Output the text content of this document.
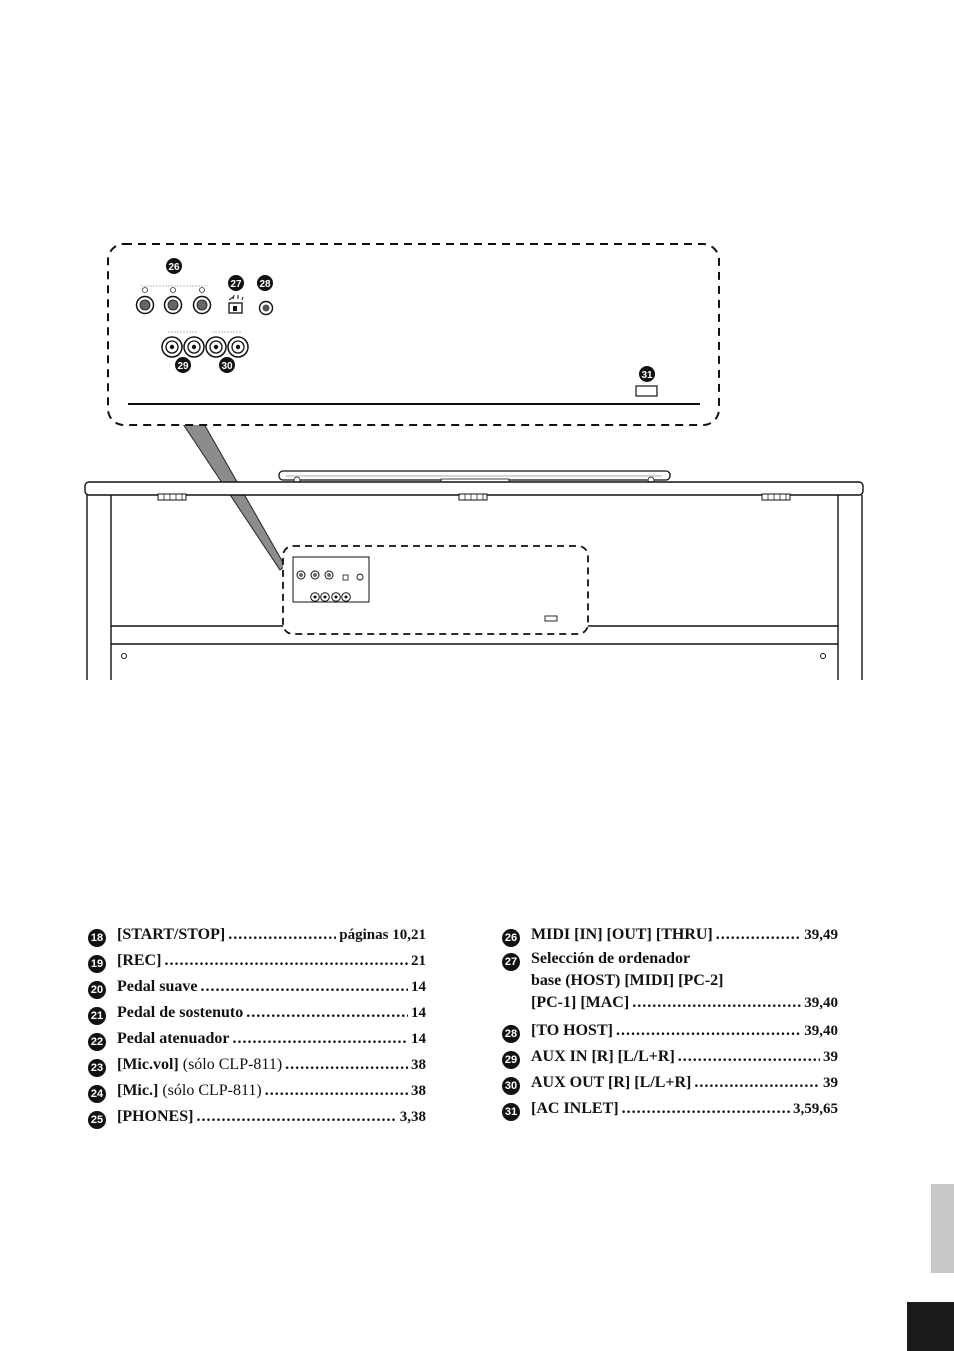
26
27 28
29	30
31
18 [START/STOP] .....	páginas 10,21
19 [REC] .....	21
20 Pedal suave .....	14
21 Pedal de sostenuto .....	14
22 Pedal atenuador .....	14
23 [Mic.vol] (sólo CLP-811) .....	38
24 [Mic.] (sólo CLP-811) .....	38
25 [PHONES] .....	3,38
26 MIDI [IN] [OUT] [THRU] .....	39,49
27 Selección de ordenador
base (HOST) [MIDI] [PC-2]
[PC-1] [MAC] .....	39,40
28 [TO HOST] .....	39,40
29 AUX IN [R] [L/L+R] .....	39
30 AUX OUT [R] [L/L+R] .....	39
31 [AC INLET] .....	3,59,65
